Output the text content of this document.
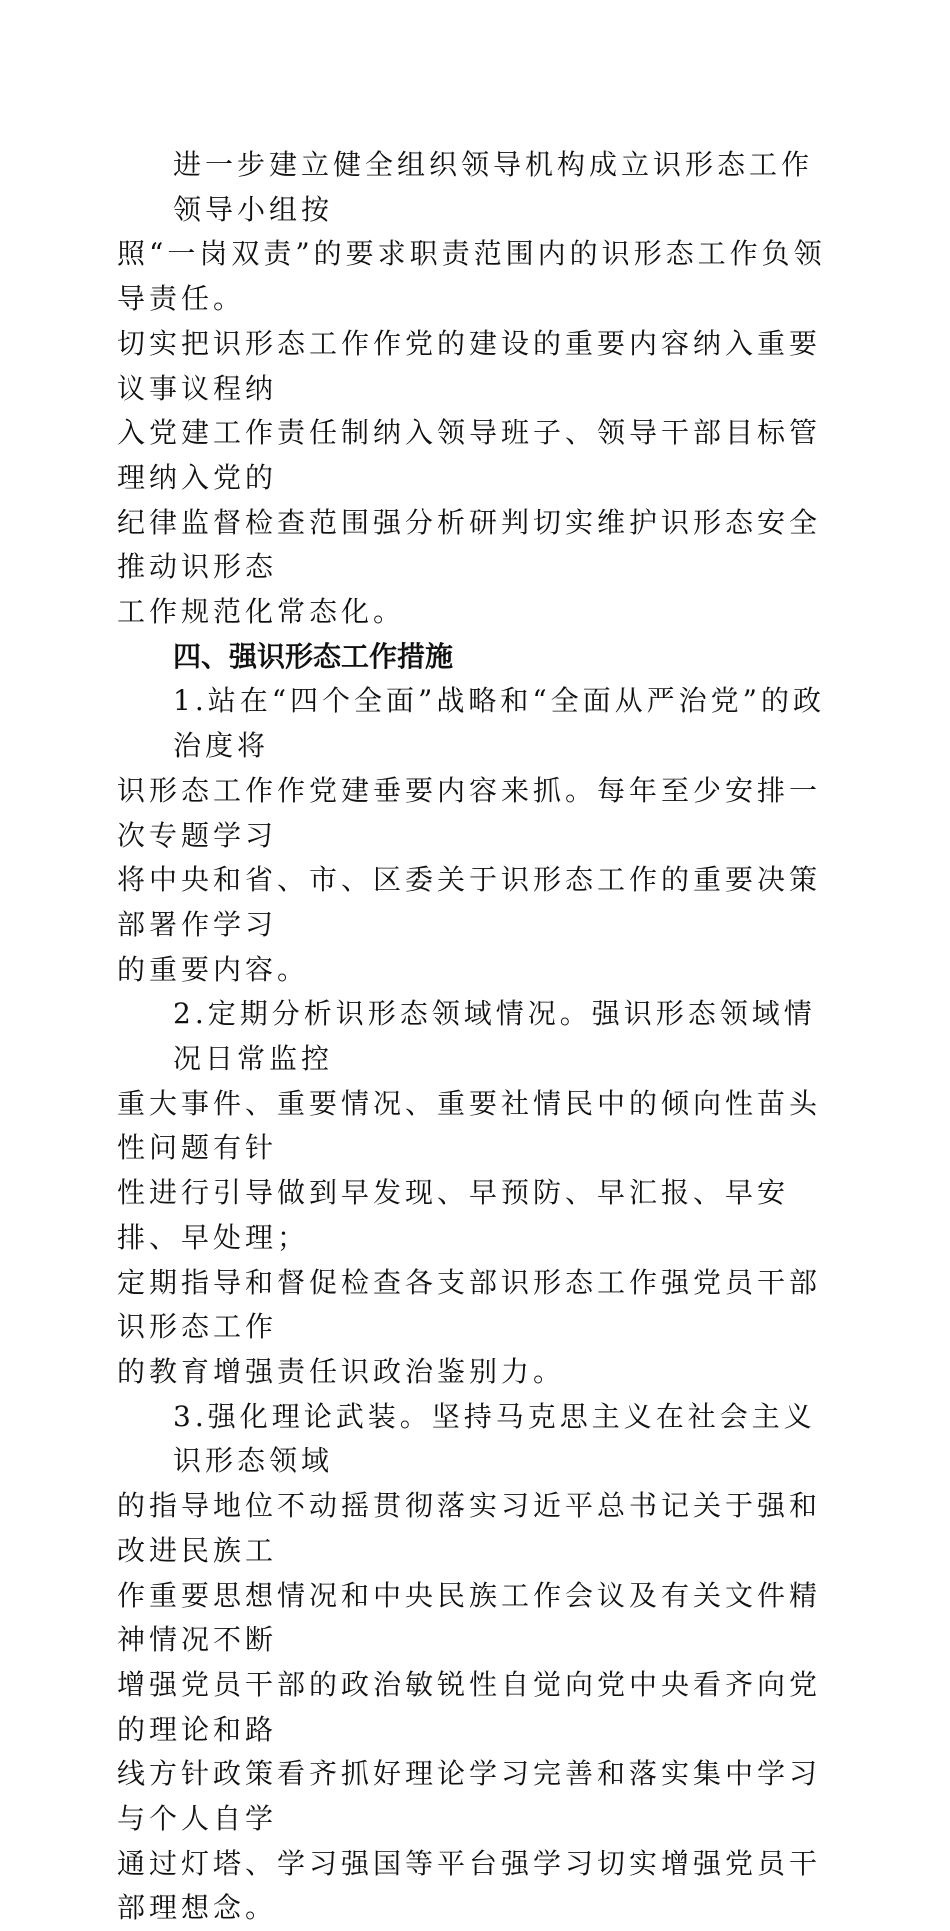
进一步建立健全组织领导机构成立识形态工作领导小组按
照“一岗双责”的要求职责范围内的识形态工作负领导责任。
切实把识形态工作作党的建设的重要内容纳入重要议事议程纳
入党建工作责任制纳入领导班子、领导干部目标管理纳入党的
纪律监督检查范围强分析研判切实维护识形态安全推动识形态
工作规范化常态化。
四、强识形态工作措施
1.站在“四个全面”战略和“全面从严治党”的政治度将
识形态工作作党建垂要内容来抓。每年至少安排一次专题学习
将中央和省、市、区委关于识形态工作的重要决策部署作学习
的重要内容。
2.定期分析识形态领域情况。强识形态领域情况日常监控
重大事件、重要情况、重要社情民中的倾向性苗头性问题有针
性进行引导做到早发现、早预防、早汇报、早安排、早处理；
定期指导和督促检查各支部识形态工作强党员干部识形态工作
的教育增强责任识政治鉴别力。
3.强化理论武装。坚持马克思主义在社会主义识形态领域
的指导地位不动摇贯彻落实习近平总书记关于强和改进民族工
作重要思想情况和中央民族工作会议及有关文件精神情况不断
增强党员干部的政治敏锐性自觉向党中央看齐向党的理论和路
线方针政策看齐抓好理论学习完善和落实集中学习与个人自学
通过灯塔、学习强国等平台强学习切实增强党员干部理想念。
